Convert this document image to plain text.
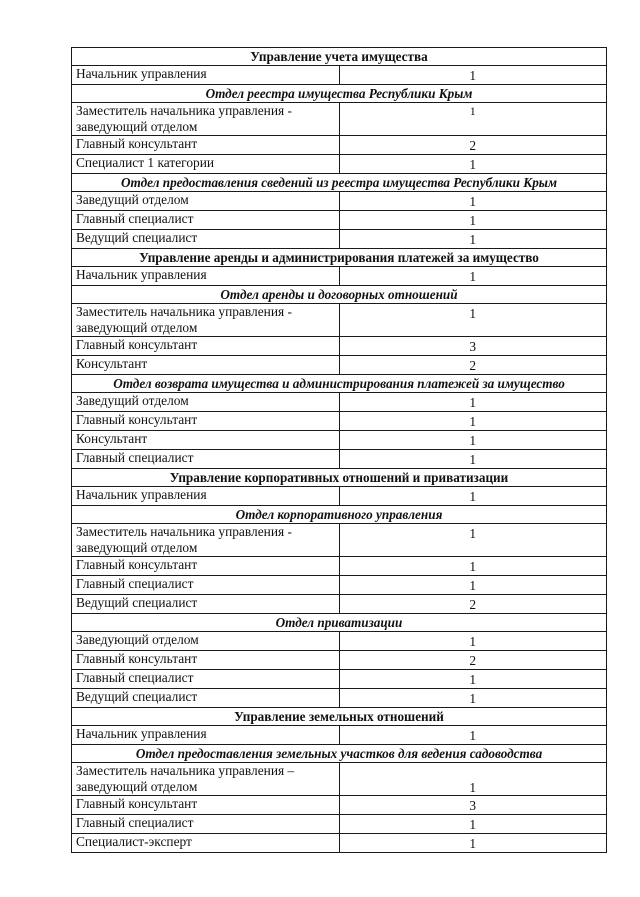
Управление учета имущества	
Начальник управления	1
Отдел реестра имущества Республики Крым	
Заместитель начальника управления - заведующий отделом	1
Главный консультант	2
Специалист 1 категории	1
Отдел предоставления сведений из реестра имущества Республики Крым	
Заведущий отделом	1
Главный специалист	1
Ведущий специалист	1
Управление аренды и администрирования платежей за имущество	
Начальник управления	1
Отдел аренды и договорных отношений	
Заместитель начальника управления - заведующий отделом	1
Главный консультант	3
Консультант	2
Отдел возврата имущества и администрирования платежей за имущество	
Заведущий отделом	1
Главный консультант	1
Консультант	1
Главный специалист	1
Управление корпоративных отношений и приватизации	
Начальник управления	1
Отдел корпоративного управления	
Заместитель начальника управления - заведующий отделом	1
Главный консультант	1
Главный специалист	1
Ведущий специалист	2
Отдел приватизации	
Заведующий отделом	1
Главный консультант	2
Главный специалист	1
Ведущий специалист	1
Управление земельных отношений	
Начальник управления	1
Отдел предоставления земельных участков для ведения садоводства	
Заместитель начальника управления – заведующий отделом	1
Главный консультант	3
Главный специалист	1
Специалист-эксперт	1
